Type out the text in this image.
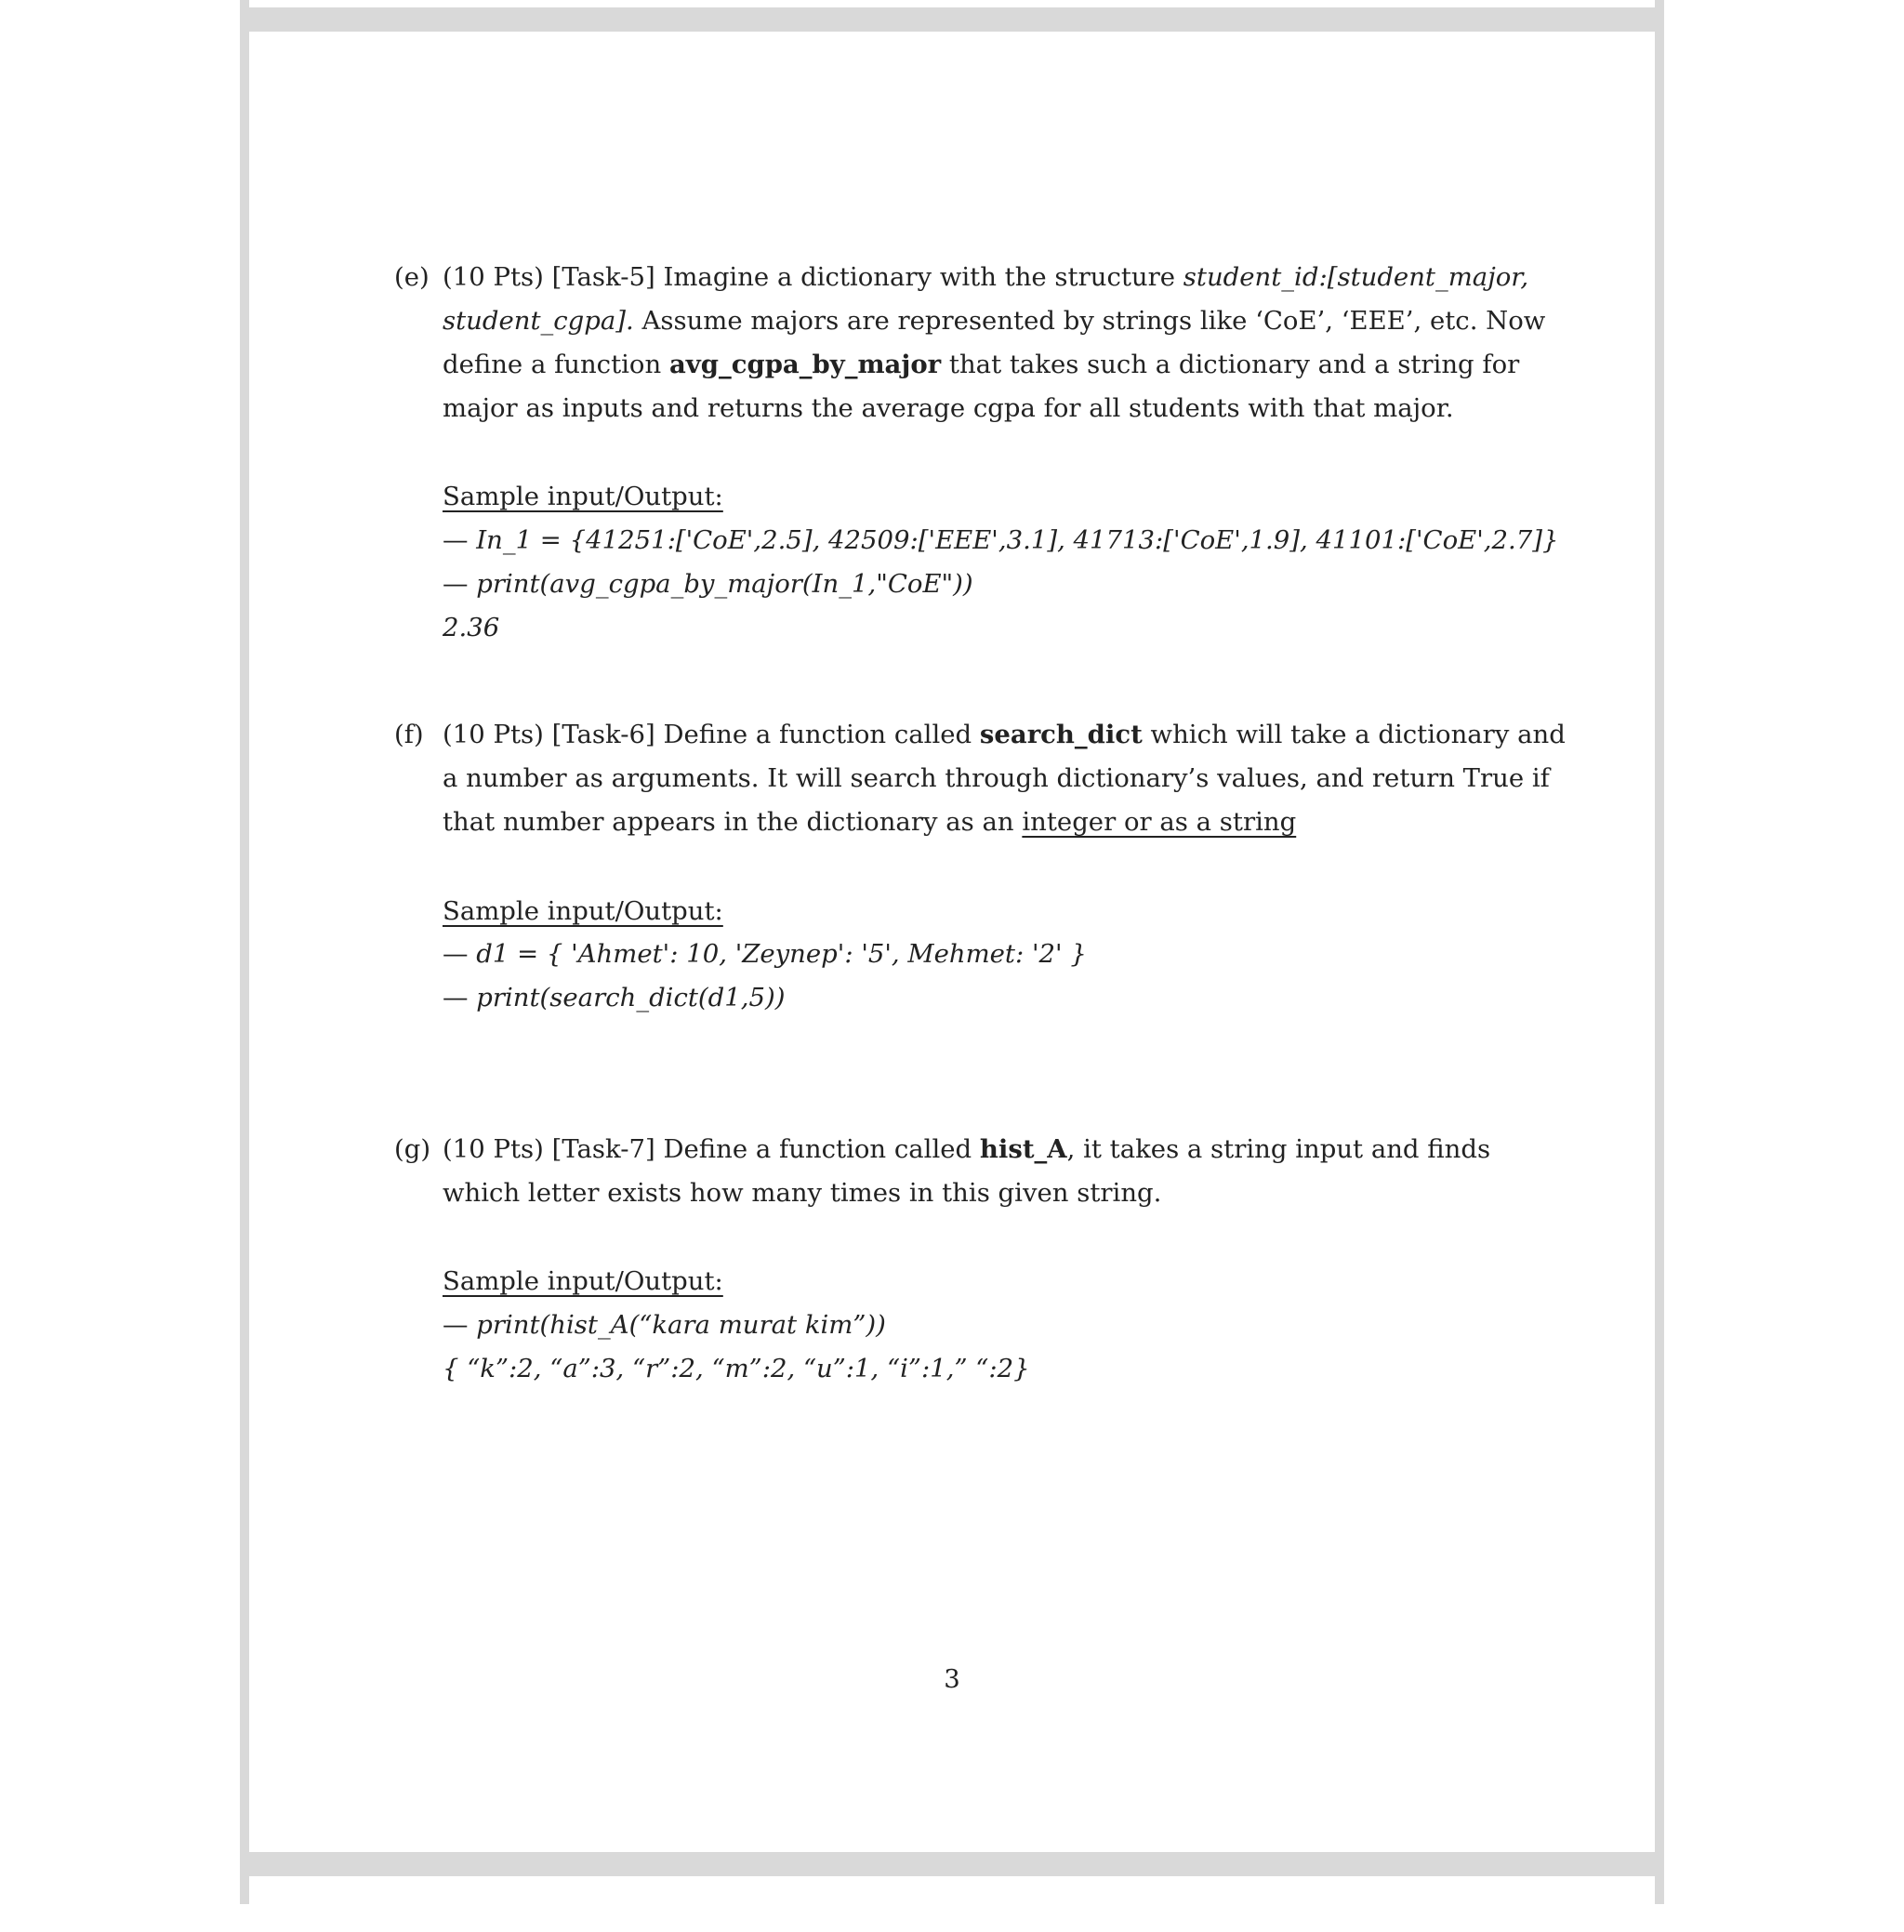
(e) (10 Pts) [Task-5] Imagine a dictionary with the structure student_id:[student_major,
student_cgpa]. Assume majors are represented by strings like ‘CoE’, ‘EEE’, etc. Now
define a function avg_cgpa_by_major that takes such a dictionary and a string for
major as inputs and returns the average cgpa for all students with that major.
Sample input/Output:
— In_1 = {41251:['CoE',2.5], 42509:['EEE',3.1], 41713:['CoE',1.9], 41101:['CoE',2.7]}
— print(avg_cgpa_by_major(In_1,"CoE"))
2.36
(f) (10 Pts) [Task-6] Define a function called search_dict which will take a dictionary and
a number as arguments. It will search through dictionary’s values, and return True if
that number appears in the dictionary as an integer or as a string
Sample input/Output:
— d1 = { 'Ahmet': 10, 'Zeynep': '5', Mehmet: '2' }
— print(search_dict(d1,5))
(g) (10 Pts) [Task-7] Define a function called hist_A, it takes a string input and finds
which letter exists how many times in this given string.
Sample input/Output:
— print(hist_A(“kara murat kim”))
{ “k”:2, “a”:3, “r”:2, “m”:2, “u”:1, “i”:1,” “:2}
3
